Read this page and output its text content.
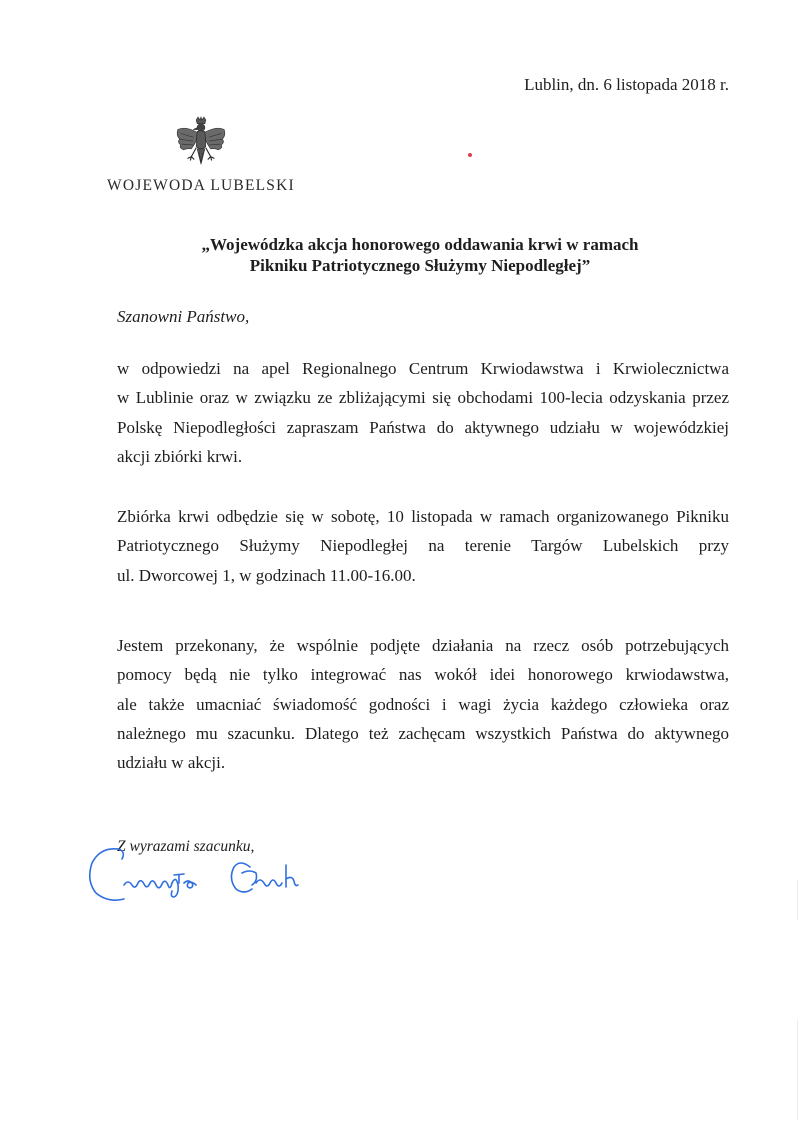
Lublin, dn. 6 listopada 2018 r.
WOJEWODA LUBELSKI
„Wojewódzka akcja honorowego oddawania krwi w ramach
Pikniku Patriotycznego Służymy Niepodległej”
Szanowni Państwo,
w odpowiedzi na apel Regionalnego Centrum Krwiodawstwa i Krwiolecznictwa
w Lublinie oraz w związku ze zbliżającymi się obchodami 100-lecia odzyskania przez
Polskę Niepodległości zapraszam Państwa do aktywnego udziału w wojewódzkiej
akcji zbiórki krwi.
Zbiórka krwi odbędzie się w sobotę, 10 listopada w ramach organizowanego Pikniku
Patriotycznego Służymy Niepodległej na terenie Targów Lubelskich przy
ul. Dworcowej 1, w godzinach 11.00-16.00.
Jestem przekonany, że wspólnie podjęte działania na rzecz osób potrzebujących
pomocy będą nie tylko integrować nas wokół idei honorowego krwiodawstwa,
ale także umacniać świadomość godności i wagi życia każdego człowieka oraz
należnego mu szacunku. Dlatego też zachęcam wszystkich Państwa do aktywnego
udziału w akcji.
Z wyrazami szacunku,
